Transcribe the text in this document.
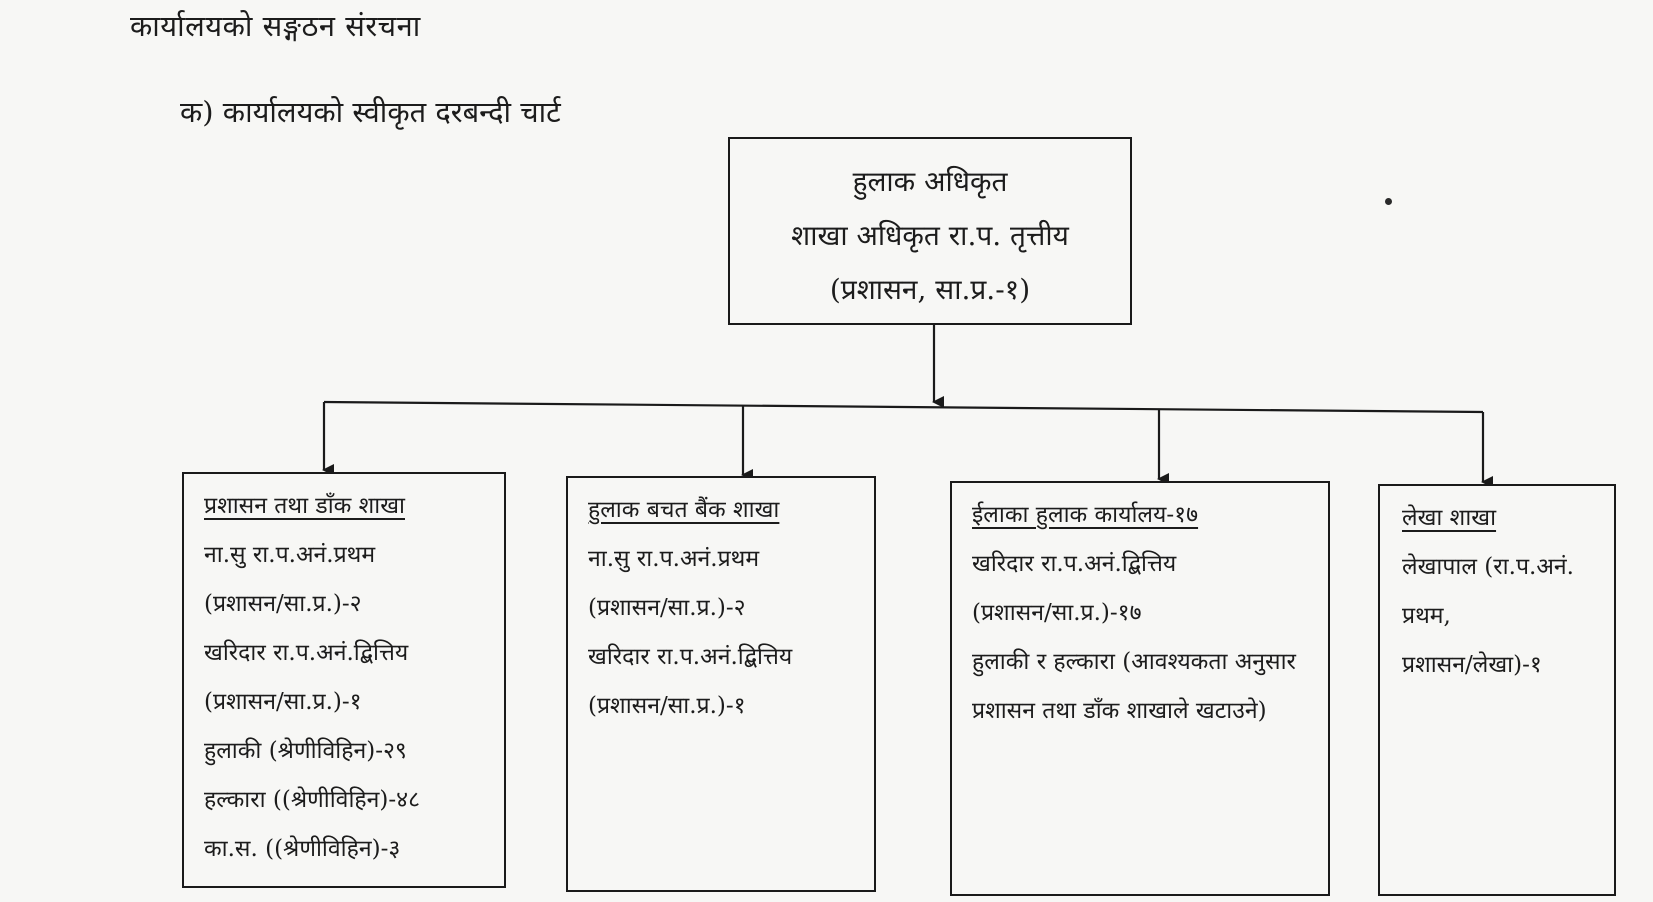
कार्यालयको सङ्गठन संरचना
क) कार्यालयको स्वीकृत दरबन्दी चार्ट
हुलाक अधिकृत
शाखा अधिकृत रा.प. तृत्तीय
(प्रशासन, सा.प्र.-१)
प्रशासन तथा डाँक शाखा
ना.सु रा.प.अनं.प्रथम
(प्रशासन/सा.प्र.)-२
खरिदार रा.प.अनं.द्बित्तिय
(प्रशासन/सा.प्र.)-१
हुलाकी (श्रेणीविहिन)-२९
हल्कारा ((श्रेणीविहिन)-४८
का.स. ((श्रेणीविहिन)-३
हुलाक बचत बैंक शाखा
ना.सु रा.प.अनं.प्रथम
(प्रशासन/सा.प्र.)-२
खरिदार रा.प.अनं.द्बित्तिय
(प्रशासन/सा.प्र.)-१
ईलाका हुलाक कार्यालय-१७
खरिदार रा.प.अनं.द्बित्तिय
(प्रशासन/सा.प्र.)-१७
हुलाकी र हल्कारा (आवश्यकता अनुसार प्रशासन तथा डाँक शाखाले खटाउने)
लेखा शाखा
लेखापाल (रा.प.अनं. प्रथम,
प्रशासन/लेखा)-१
